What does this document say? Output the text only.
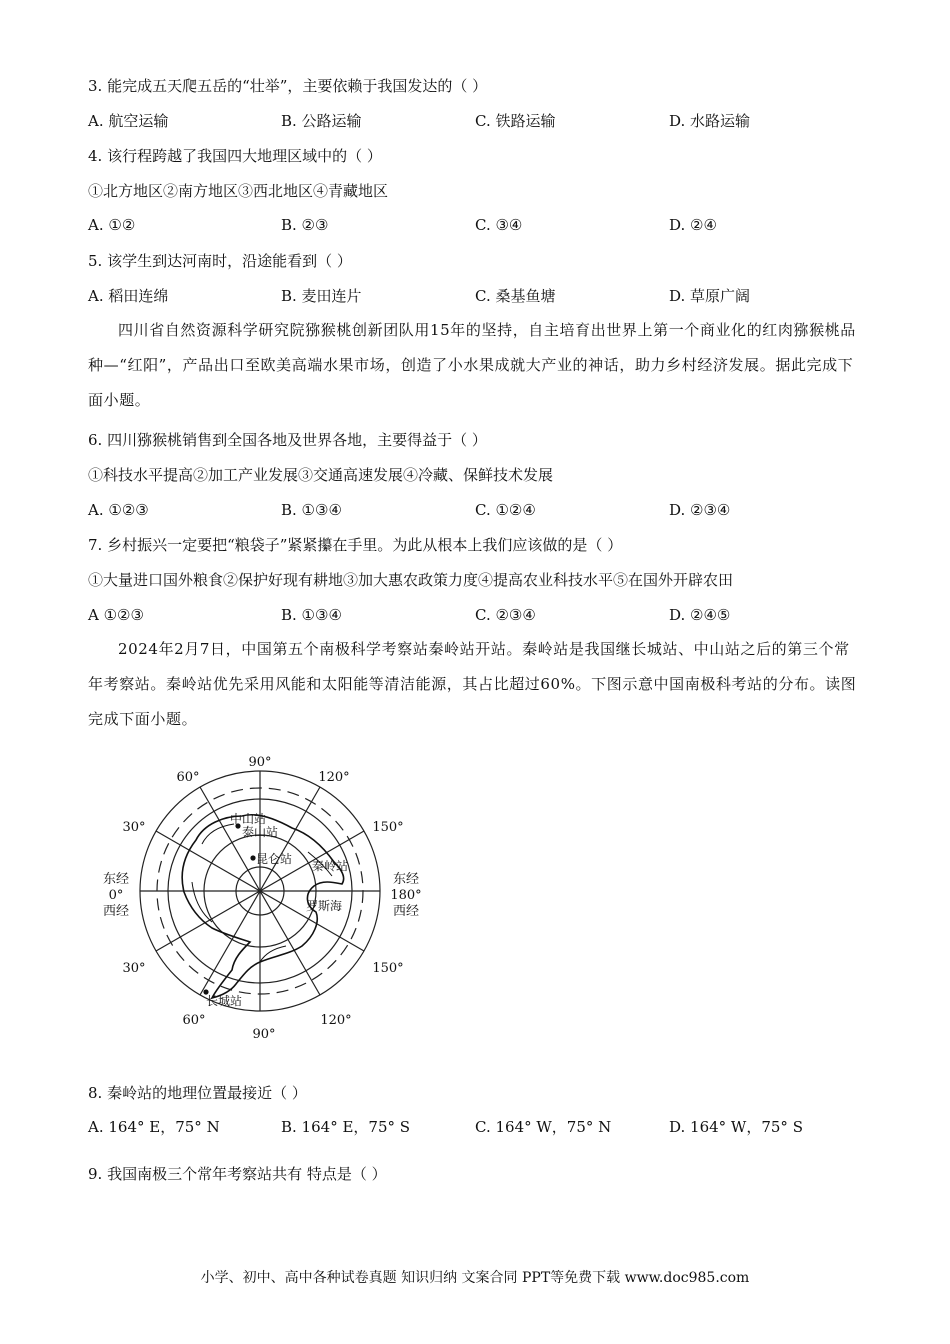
3. 能完成五天爬五岳的“壮举”，主要依赖于我国发达的（ ）
A. 航空运输	B. 公路运输	C. 铁路运输	D. 水路运输
4. 该行程跨越了我国四大地理区域中的（ ）
①北方地区②南方地区③西北地区④青藏地区
A. ①②	B. ②③	C. ③④	D. ②④
5. 该学生到达河南时，沿途能看到（ ）
A. 稻田连绵	B. 麦田连片	C. 桑基鱼塘	D. 草原广阔
四川省自然资源科学研究院猕猴桃创新团队用15年的坚持，自主培育出世界上第一个商业化的红肉猕猴桃品种—“红阳”，产品出口至欧美高端水果市场，创造了小水果成就大产业的神话，助力乡村经济发展。据此完成下面小题。
6. 四川猕猴桃销售到全国各地及世界各地，主要得益于（ ）
①科技水平提高②加工产业发展③交通高速发展④冷藏、保鲜技术发展
A. ①②③	B. ①③④	C. ①②④	D. ②③④
7. 乡村振兴一定要把“粮袋子”紧紧攥在手里。为此从根本上我们应该做的是（ ）
①大量进口国外粮食②保护好现有耕地③加大惠农政策力度④提高农业科技水平⑤在国外开辟农田
A ①②③	B. ①③④	C. ②③④	D. ②④⑤
2024年2月7日，中国第五个南极科学考察站秦岭站开站。秦岭站是我国继长城站、中山站之后的第三个常年考察站。秦岭站优先采用风能和太阳能等清洁能源，其占比超过60%。下图示意中国南极科考站的分布。读图完成下面小题。
90°
60°	120°
30°	150°
30°	150°
60°
90°
120°
东经
0°
西经
东经
180°
西经
中山站
泰山站
昆仑站 秦岭站
长城站
罗斯海
8. 秦岭站的地理位置最接近（ ）
A. 164° E，75° N	B. 164° E，75° S	C. 164° W，75° N	D. 164° W，75° S
9. 我国南极三个常年考察站共有 特点是（ ）
小学、初中、高中各种试卷真题 知识归纳 文案合同 PPT等免费下载 www.doc985.com
